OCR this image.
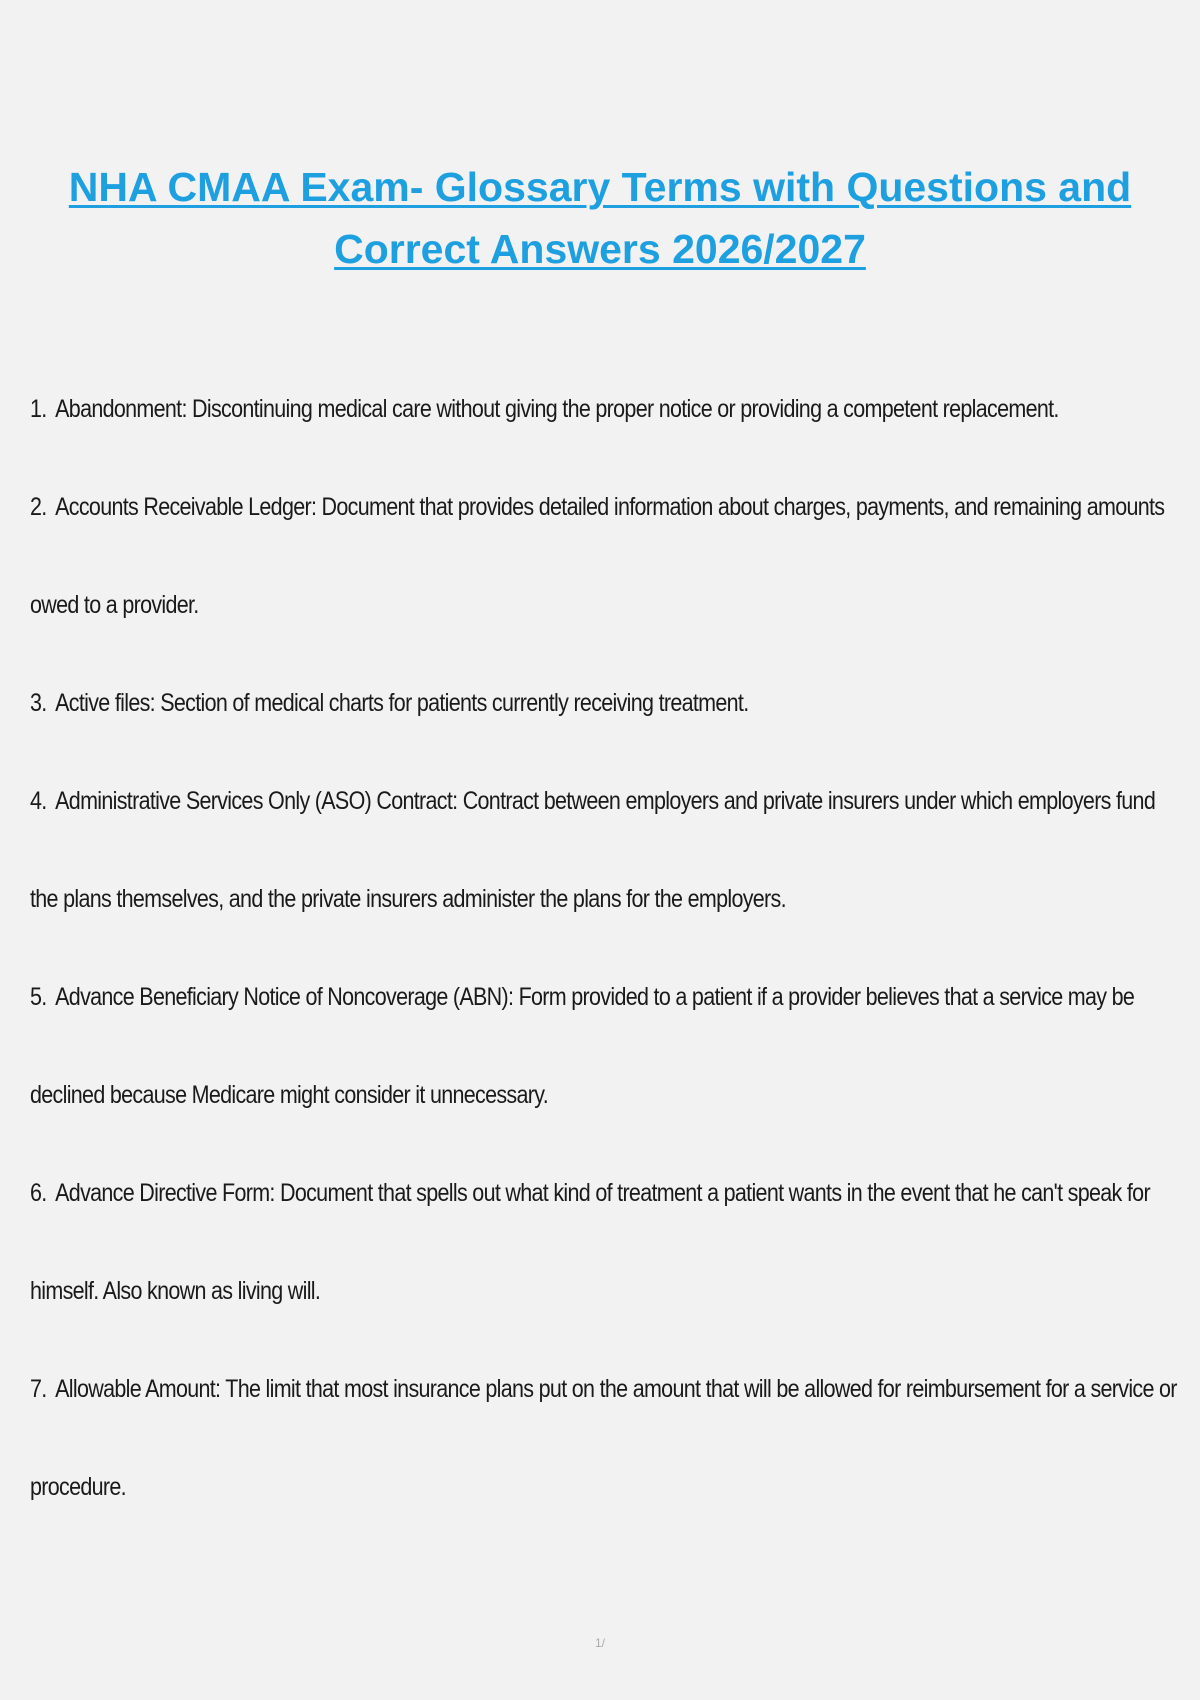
NHA CMAA Exam- Glossary Terms with Questions and
Correct Answers 2026/2027
1. Abandonment: Discontinuing medical care without giving the proper notice or providing a competent replacement.
2. Accounts Receivable Ledger: Document that provides detailed information about charges, payments, and remaining amounts owed to a provider.
3. Active files: Section of medical charts for patients currently receiving treatment.
4. Administrative Services Only (ASO) Contract: Contract between employers and private insurers under which employers fund the plans themselves, and the private insurers administer the plans for the employers.
5. Advance Beneficiary Notice of Noncoverage (ABN): Form provided to a patient if a provider believes that a service may be declined because Medicare might consider it unnecessary.
6. Advance Directive Form: Document that spells out what kind of treatment a patient wants in the event that he can't speak for himself. Also known as living will.
7. Allowable Amount: The limit that most insurance plans put on the amount that will be allowed for reimbursement for a service or procedure.
1/
